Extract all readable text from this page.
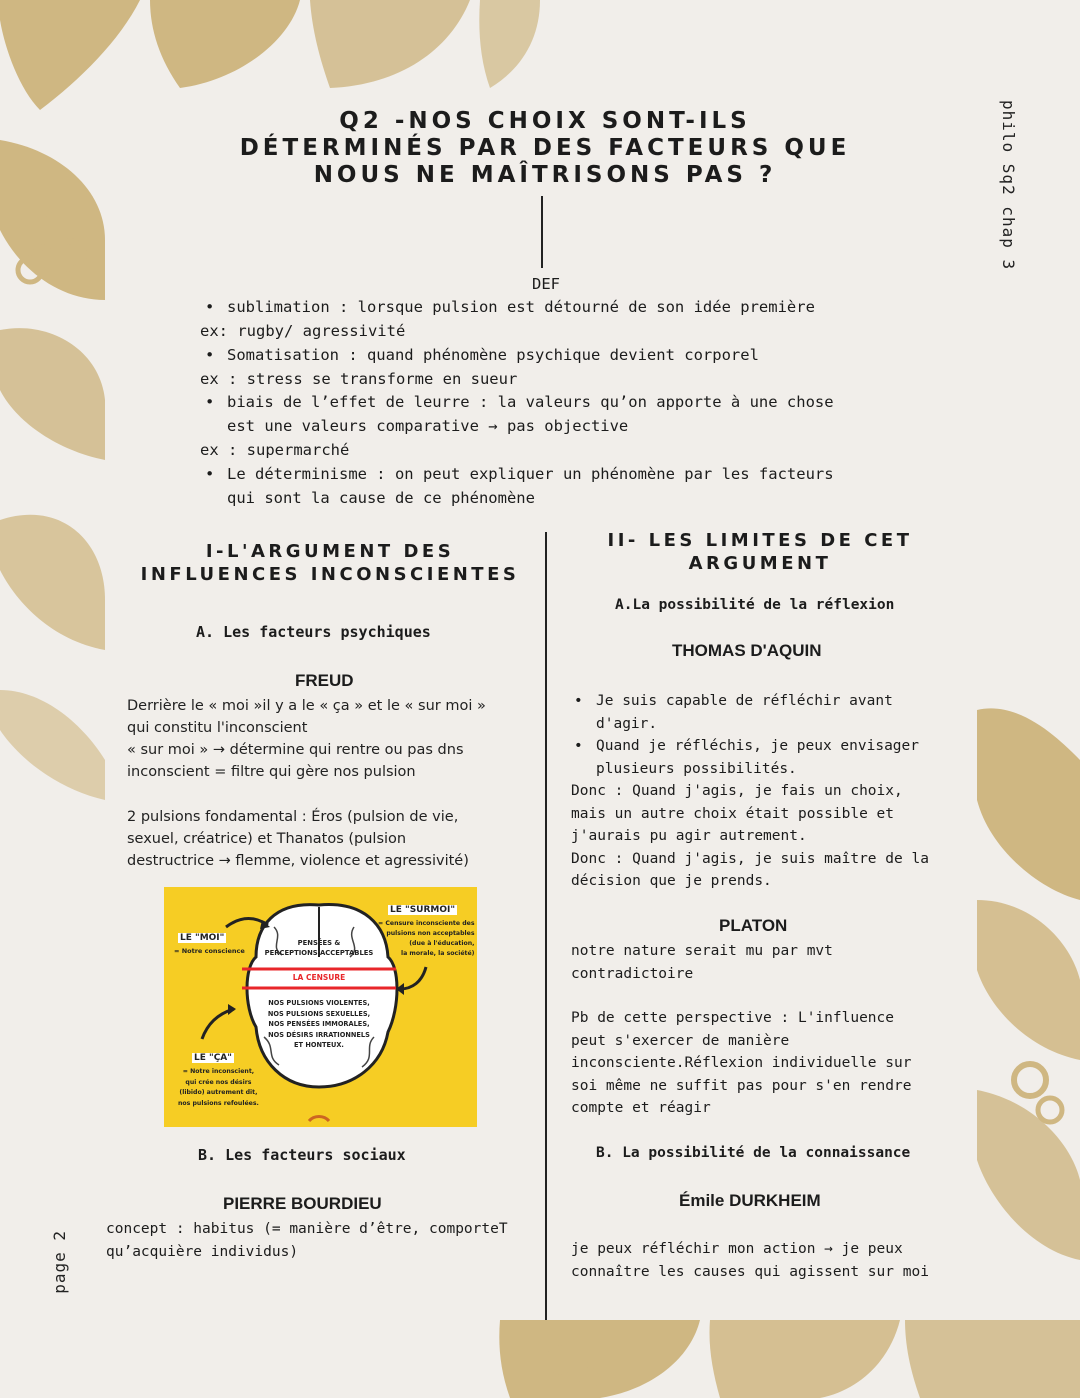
philo Sq2 chap 3
page 2
Q2 -NOS CHOIX SONT-ILS
DÉTERMINÉS PAR DES FACTEURS QUE
NOUS NE MAÎTRISONS PAS ?
DEF
• sublimation : lorsque pulsion est détourné de son idée première
ex: rugby/ agressivité
• Somatisation : quand phénomène psychique devient corporel
ex : stress se transforme en sueur
• biais de l’effet de leurre : la valeurs qu’on apporte à une chose
est une valeurs comparative → pas objective
ex : supermarché
• Le déterminisme : on peut expliquer un phénomène par les facteurs
qui sont la cause de ce phénomène
I-L'ARGUMENT DES
INFLUENCES INCONSCIENTES
A. Les facteurs psychiques
FREUD
Derrière le « moi »il y a le « ça » et le « sur moi »
qui constitu l'inconscient
« sur moi » → détermine qui rentre ou pas dns
inconscient = filtre qui gère nos pulsion
2 pulsions fondamental : Éros (pulsion de vie,
sexuel, créatrice) et Thanatos (pulsion
destructrice → flemme, violence et agressivité)
LE "MOI"
= Notre conscience
LE "SURMOI"
= Censure inconsciente des
pulsions non acceptables
(due à l'éducation,
la morale, la société)
PENSÉES &
PERCEPTIONS ACCEPTABLES
LA CENSURE
NOS PULSIONS VIOLENTES,
NOS PULSIONS SEXUELLES,
NOS PENSÉES IMMORALES,
NOS DÉSIRS IRRATIONNELS
ET HONTEUX.
LE "ÇA"
= Notre inconscient,
qui crée nos désirs
(libido) autrement dit,
nos pulsions refoulées.
B. Les facteurs sociaux
PIERRE BOURDIEU
concept : habitus (= manière d’être, comporteT
qu’acquière individus)
II- LES LIMITES DE CET
ARGUMENT
A.La possibilité de la réflexion
THOMAS D'AQUIN
• Je suis capable de réfléchir avant
d'agir.
• Quand je réfléchis, je peux envisager
plusieurs possibilités.
Donc : Quand j'agis, je fais un choix,
mais un autre choix était possible et
j'aurais pu agir autrement.
Donc : Quand j'agis, je suis maître de la
décision que je prends.
PLATON
notre nature serait mu par mvt
contradictoire
Pb de cette perspective : L'influence
peut s'exercer de manière
inconsciente.Réflexion individuelle sur
soi même ne suffit pas pour s'en rendre
compte et réagir
B. La possibilité de la connaissance
Émile DURKHEIM
je peux réfléchir mon action → je peux
connaître les causes qui agissent sur moi
